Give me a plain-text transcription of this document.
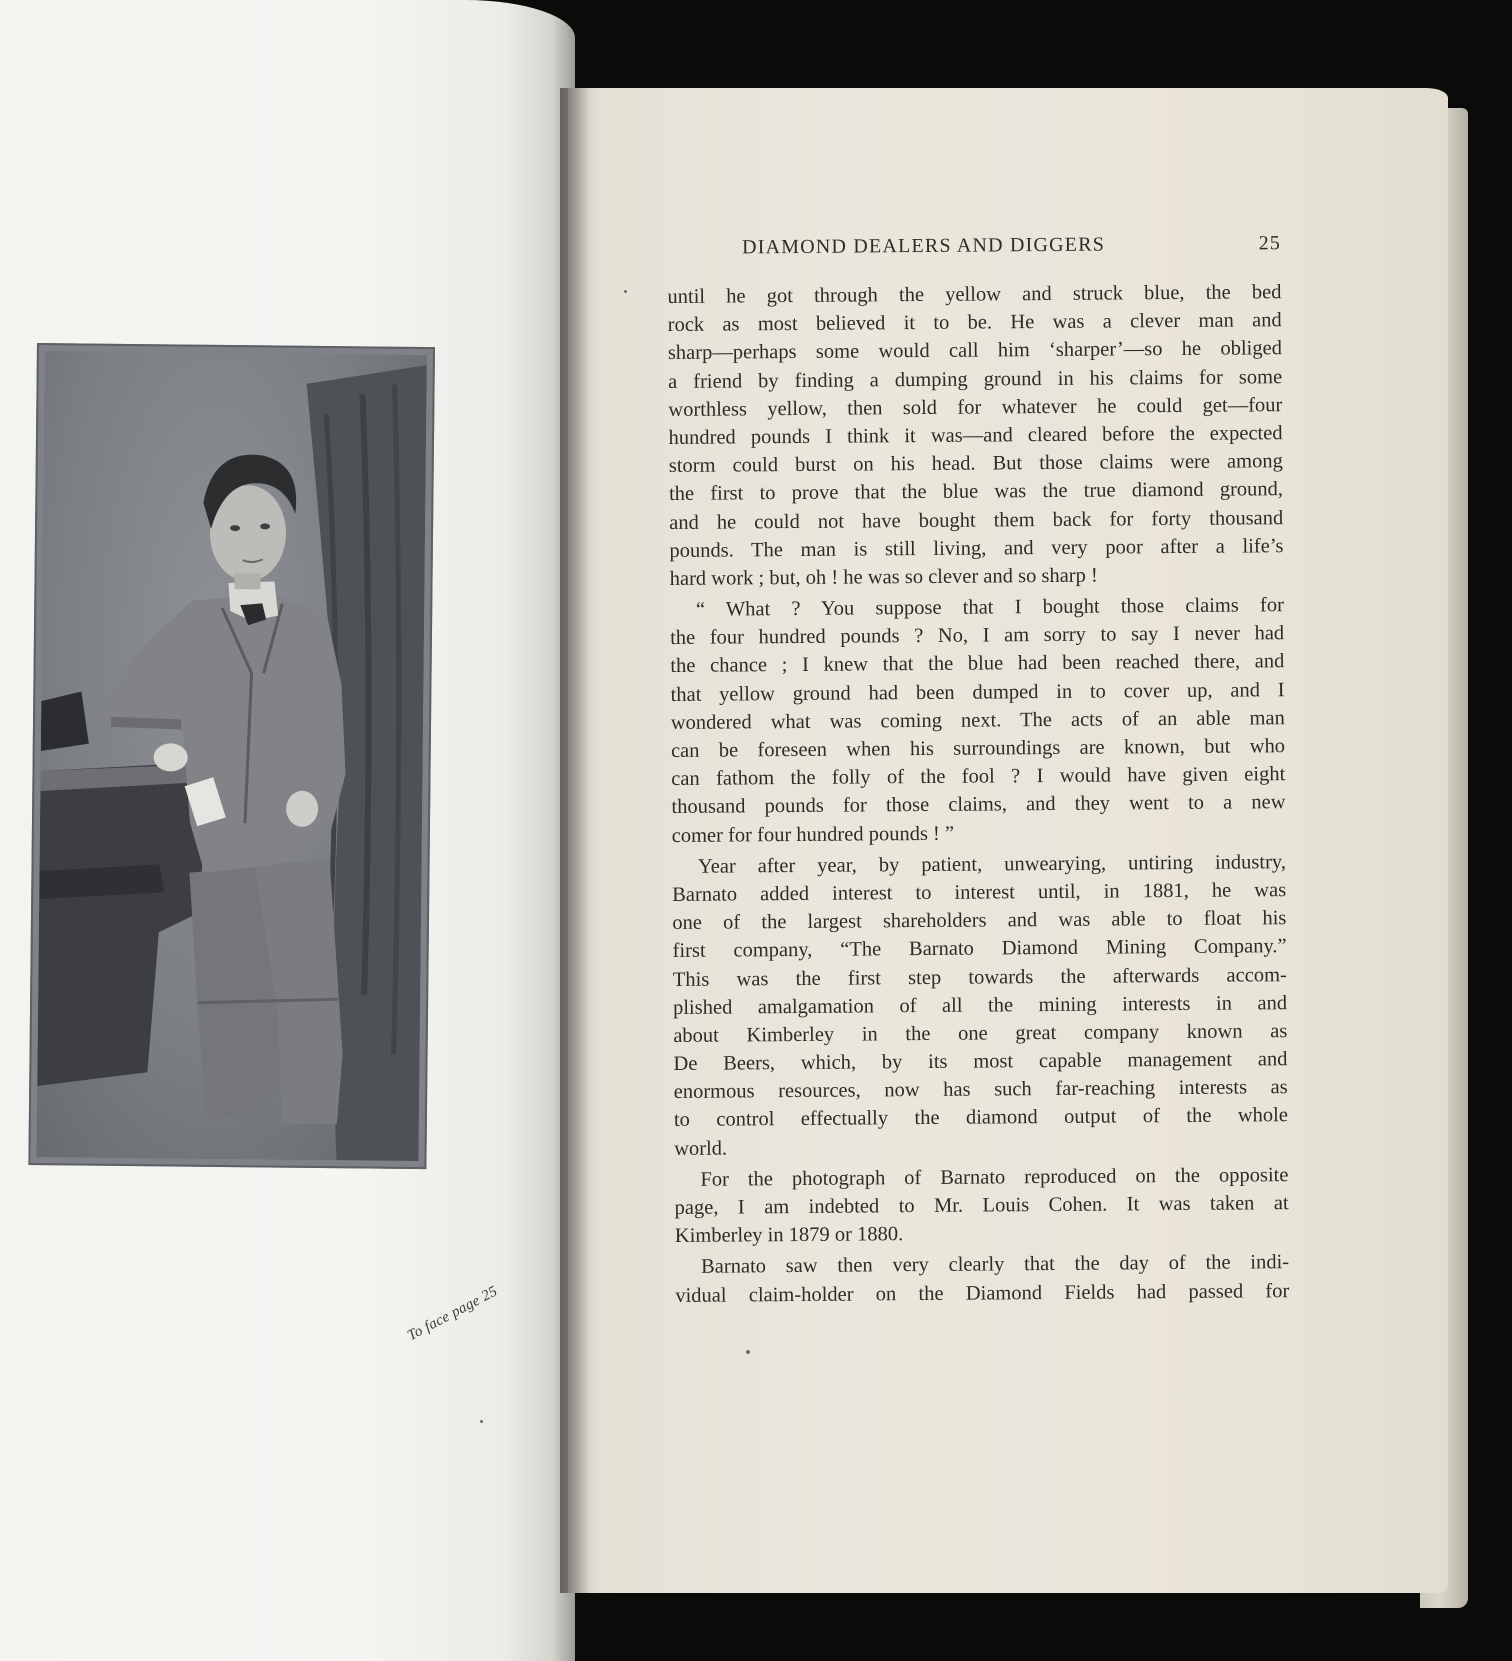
To face page 25
DIAMOND DEALERS AND DIGGERS	25
until he got through the yellow and struck blue, the bed
rock as most believed it to be. He was a clever man and
sharp—perhaps some would call him ‘sharper’—so he obliged
a friend by finding a dumping ground in his claims for some
worthless yellow, then sold for whatever he could get—four
hundred pounds I think it was—and cleared before the expected
storm could burst on his head. But those claims were among
the first to prove that the blue was the true diamond ground,
and he could not have bought them back for forty thousand
pounds. The man is still living, and very poor after a life’s
hard work ; but, oh ! he was so clever and so sharp !
“ What ? You suppose that I bought those claims for
the four hundred pounds ? No, I am sorry to say I never had
the chance ; I knew that the blue had been reached there, and
that yellow ground had been dumped in to cover up, and I
wondered what was coming next. The acts of an able man
can be foreseen when his surroundings are known, but who
can fathom the folly of the fool ? I would have given eight
thousand pounds for those claims, and they went to a new
comer for four hundred pounds ! ”
Year after year, by patient, unwearying, untiring industry,
Barnato added interest to interest until, in 1881, he was
one of the largest shareholders and was able to float his
first company, “The Barnato Diamond Mining Company.”
This was the first step towards the afterwards accom-
plished amalgamation of all the mining interests in and
about Kimberley in the one great company known as
De Beers, which, by its most capable management and
enormous resources, now has such far-reaching interests as
to control effectually the diamond output of the whole
world.
For the photograph of Barnato reproduced on the opposite
page, I am indebted to Mr. Louis Cohen. It was taken at
Kimberley in 1879 or 1880.
Barnato saw then very clearly that the day of the indi-
vidual claim-holder on the Diamond Fields had passed for
